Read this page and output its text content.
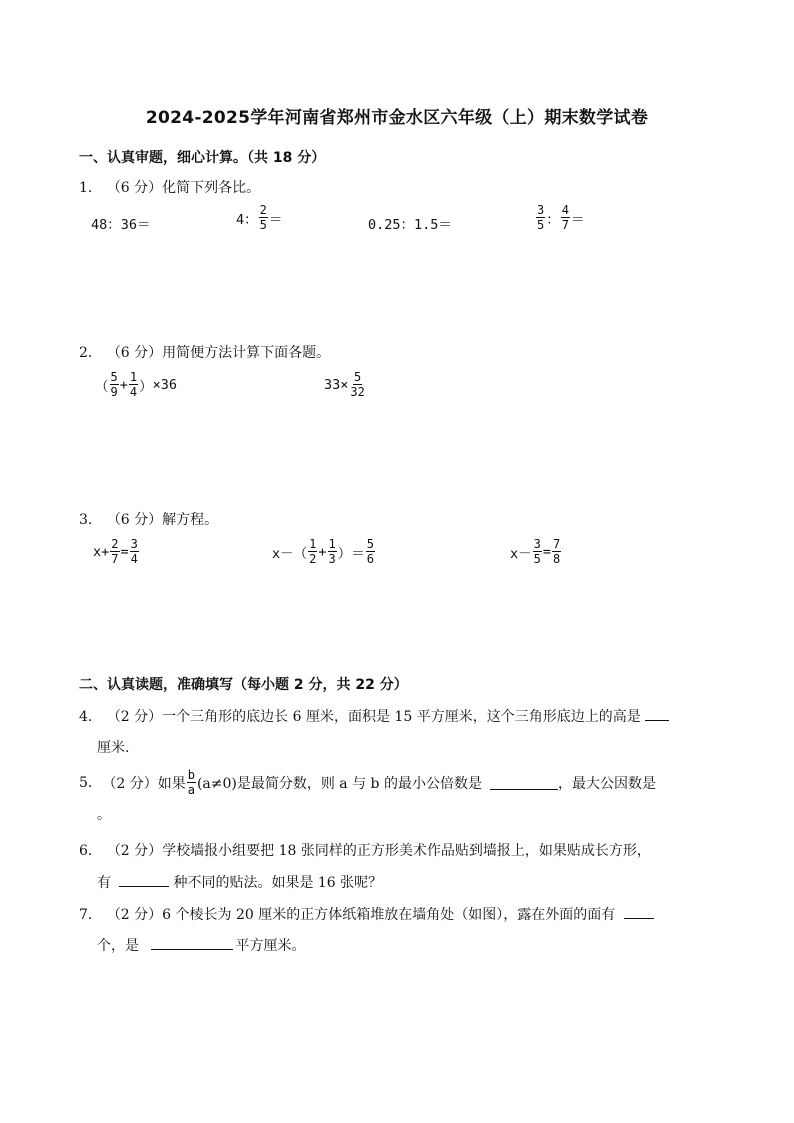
2024-2025学年河南省郑州市金水区六年级（上）期末数学试卷
一、认真审题，细心计算。（共 18 分）
1. （6 分）化简下列各比。
48：36＝	4： $\frac{2}{5}$ ＝	0.25：1.5＝	$\frac{3}{5}$ ： $\frac{4}{7}$ ＝
2. （6 分）用简便方法计算下面各题。
（ $\frac{5}{9} + \frac{1}{4}$ ） ×36	$33\times \frac{5}{32}$
3. （6 分）解方程。
$x+ \frac{2}{7} = \frac{3}{4}$	$x-( \frac{1}{2} + \frac{1}{3}$ ）＝ $\frac{5}{6}$	$x- \frac{3}{5} = \frac{7}{8}$
二、认真读题，准确填写（每小题 2 分，共 22 分）
4. （2 分）一个三角形的底边长 6 厘米，面积是 15 平方厘米，这个三角形底边上的高是
厘米.
5. （2 分） 如果 $\frac{b}{a} (a\ne 0)$是最简分数，则 a 与 b 的最小公倍数是	，最大公因数是
。
6. （2 分）学校墙报小组要把 18 张同样的正方形美术作品贴到墙报上，如果贴成长方形，
有	种不同的贴法。如果是 16 张呢？
7. （2 分）6 个棱长为 20 厘米的正方体纸箱堆放在墙角处（如图），露在外面的面有
个，是	平方厘米。
